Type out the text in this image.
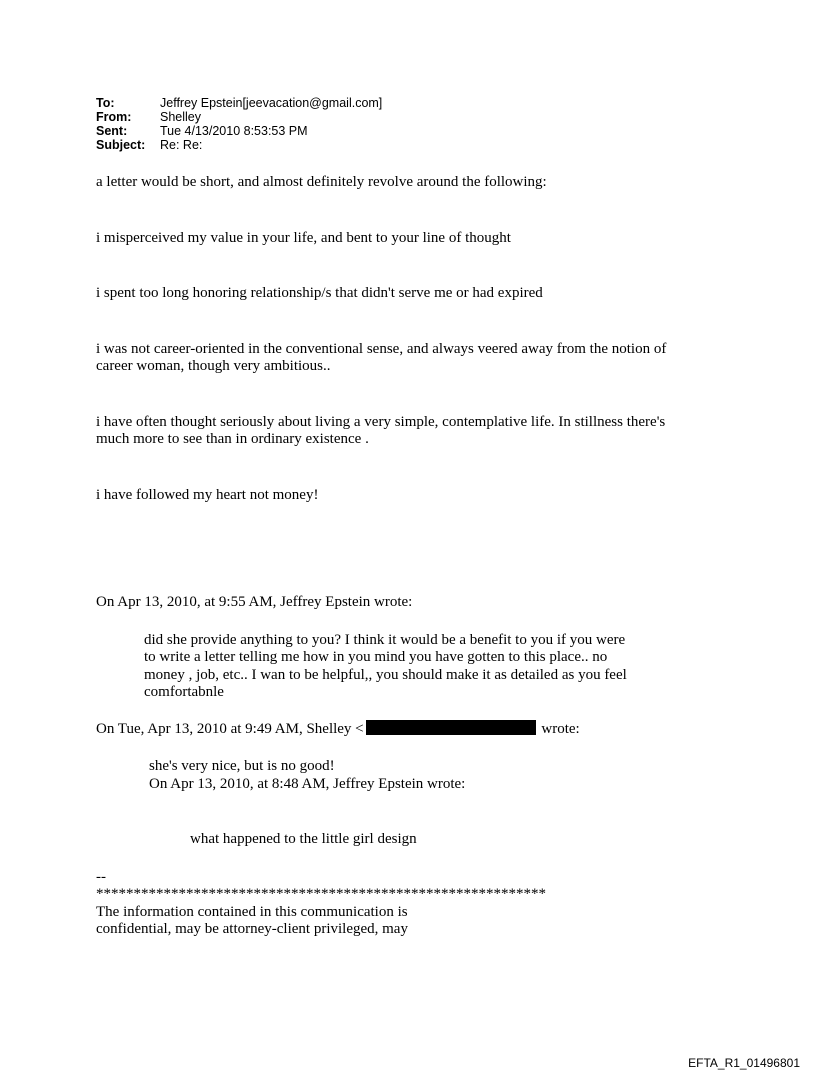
To:	Jeffrey Epstein[jeevacation@gmail.com]
From:	Shelley
Sent:	Tue 4/13/2010 8:53:53 PM
Subject:	Re: Re:

a letter would be short, and almost definitely revolve around the following:

i misperceived my value in your life, and bent to your line of thought

i spent too long honoring relationship/s that didn't serve me or had expired

i was not career-oriented in the conventional sense, and always veered away from the notion of
career woman, though very ambitious..
i have often thought seriously about living a very simple, contemplative life. In stillness there's
much more to see than in ordinary existence .

i have followed my heart not money!

On Apr 13, 2010, at 9:55 AM, Jeffrey Epstein wrote:

did she provide anything to you? I think it would be a benefit to you if you were
to write a letter telling me how in you mind you have gotten to this place.. no
money , job, etc.. I wan to be helpful,, you should make it as detailed as you feel
comfortabnle
On Tue, Apr 13, 2010 at 9:49 AM, Shelley <	wrote:
she's very nice, but is no good!
On Apr 13, 2010, at 8:48 AM, Jeffrey Epstein wrote:
what happened to the little girl design
--
************************************************************
The information contained in this communication is
confidential, may be attorney-client privileged, may
EFTA_R1_01496801
